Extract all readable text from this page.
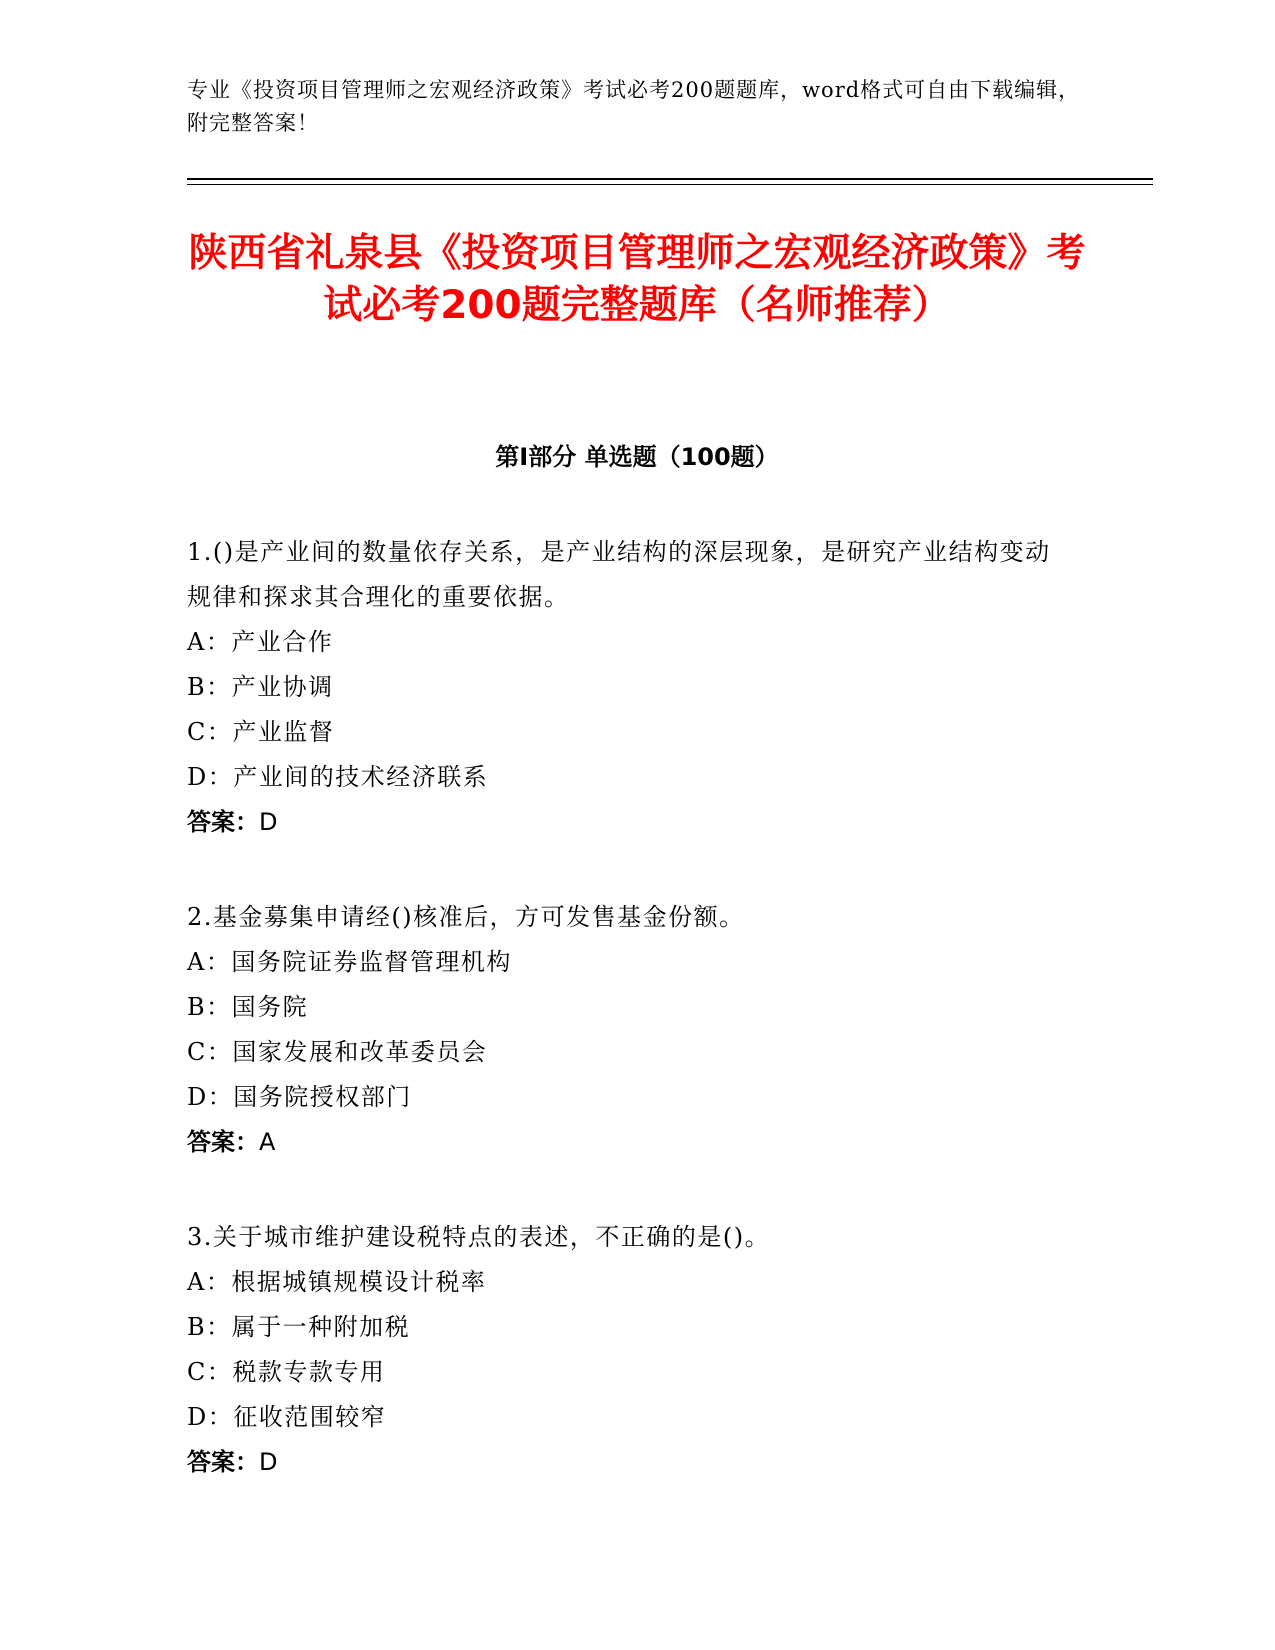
专业《投资项目管理师之宏观经济政策》考试必考200题题库，word格式可自由下载编辑，附完整答案！
陕西省礼泉县《投资项目管理师之宏观经济政策》考试必考200题完整题库（名师推荐）
第I部分 单选题（100题）

1.()是产业间的数量依存关系，是产业结构的深层现象，是研究产业结构变动规律和探求其合理化的重要依据。

A：产业合作

B：产业协调

C：产业监督

D：产业间的技术经济联系

答案：D

2.基金募集申请经()核准后，方可发售基金份额。

A：国务院证券监督管理机构

B：国务院

C：国家发展和改革委员会

D：国务院授权部门

答案：A

3.关于城市维护建设税特点的表述，不正确的是()。

A：根据城镇规模设计税率

B：属于一种附加税

C：税款专款专用

D：征收范围较窄

答案：D
